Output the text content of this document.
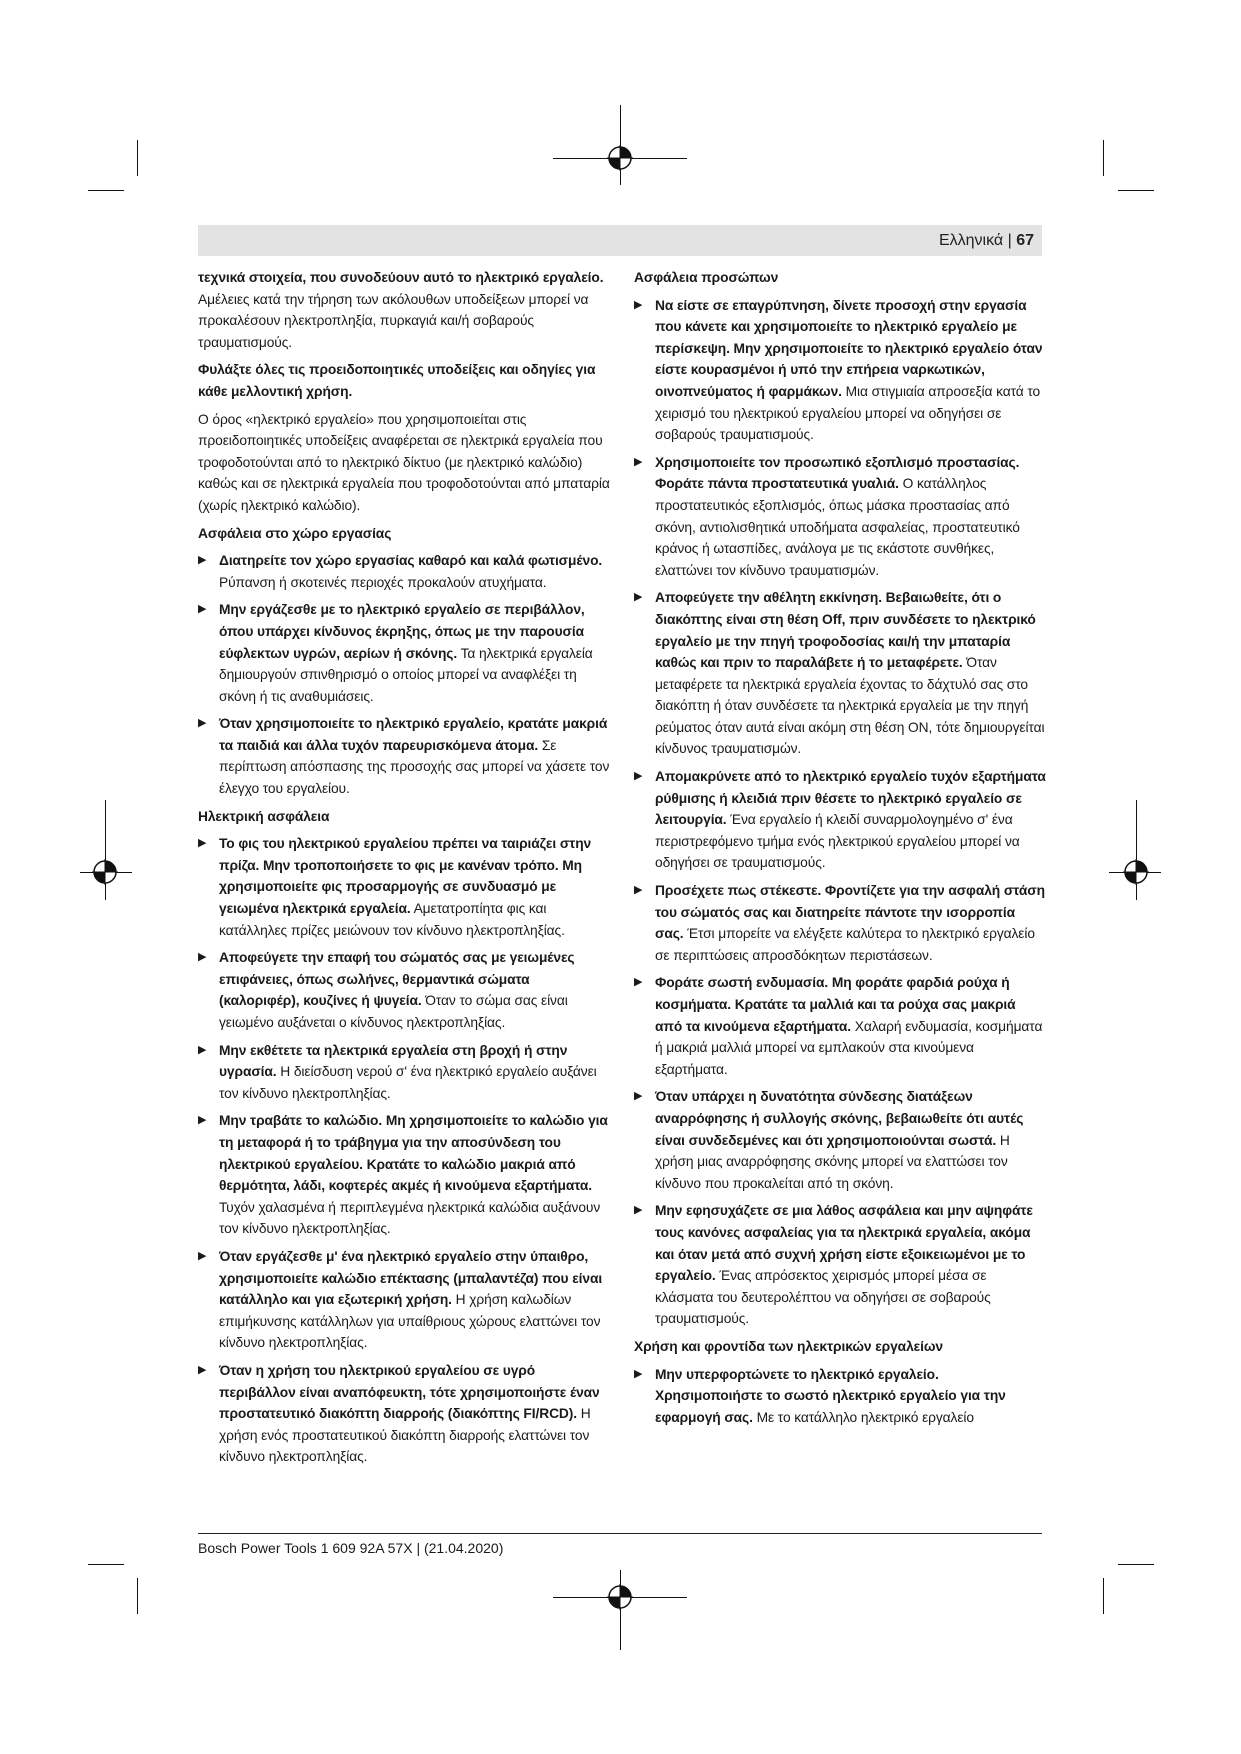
Ελληνικά | 67

τεχνικά στοιχεία, που συνοδεύουν αυτό το ηλεκτρικό εργαλείο. Αμέλειες κατά την τήρηση των ακόλουθων υποδείξεων μπορεί να προκαλέσουν ηλεκτροπληξία, πυρκαγιά και/ή σοβαρούς τραυματισμούς.

Φυλάξτε όλες τις προειδοποιητικές υποδείξεις και οδηγίες για κάθε μελλοντική χρήση.

Ο όρος «ηλεκτρικό εργαλείο» που χρησιμοποιείται στις προειδοποιητικές υποδείξεις αναφέρεται σε ηλεκτρικά εργαλεία που τροφοδοτούνται από το ηλεκτρικό δίκτυο (με ηλεκτρικό καλώδιο) καθώς και σε ηλεκτρικά εργαλεία που τροφοδοτούνται από μπαταρία (χωρίς ηλεκτρικό καλώδιο).

Ασφάλεια στο χώρο εργασίας

▶ Διατηρείτε τον χώρο εργασίας καθαρό και καλά φωτισμένο. Ρύπανση ή σκοτεινές περιοχές προκαλούν ατυχήματα.
▶ Μην εργάζεσθε με το ηλεκτρικό εργαλείο σε περιβάλλον, όπου υπάρχει κίνδυνος έκρηξης, όπως με την παρουσία εύφλεκτων υγρών, αερίων ή σκόνης. Τα ηλεκτρικά εργαλεία δημιουργούν σπινθηρισμό ο οποίος μπορεί να αναφλέξει τη σκόνη ή τις αναθυμιάσεις.
▶ Όταν χρησιμοποιείτε το ηλεκτρικό εργαλείο, κρατάτε μακριά τα παιδιά και άλλα τυχόν παρευρισκόμενα άτομα. Σε περίπτωση απόσπασης της προσοχής σας μπορεί να χάσετε τον έλεγχο του εργαλείου.

Ηλεκτρική ασφάλεια

▶ Το φις του ηλεκτρικού εργαλείου πρέπει να ταιριάζει στην πρίζα. Μην τροποποιήσετε το φις με κανέναν τρόπο. Μη χρησιμοποιείτε φις προσαρμογής σε συνδυασμό με γειωμένα ηλεκτρικά εργαλεία. Αμετατροπίητα φις και κατάλληλες πρίζες μειώνουν τον κίνδυνο ηλεκτροπληξίας.
▶ Αποφεύγετε την επαφή του σώματός σας με γειωμένες επιφάνειες, όπως σωλήνες, θερμαντικά σώματα (καλοριφέρ), κουζίνες ή ψυγεία. Όταν το σώμα σας είναι γειωμένο αυξάνεται ο κίνδυνος ηλεκτροπληξίας.
▶ Μην εκθέτετε τα ηλεκτρικά εργαλεία στη βροχή ή στην υγρασία. Η διείσδυση νερού σ' ένα ηλεκτρικό εργαλείο αυξάνει τον κίνδυνο ηλεκτροπληξίας.
▶ Μην τραβάτε το καλώδιο. Μη χρησιμοποιείτε το καλώδιο για τη μεταφορά ή το τράβηγμα για την αποσύνδεση του ηλεκτρικού εργαλείου. Κρατάτε το καλώδιο μακριά από θερμότητα, λάδι, κοφτερές ακμές ή κινούμενα εξαρτήματα. Τυχόν χαλασμένα ή περιπλεγμένα ηλεκτρικά καλώδια αυξάνουν τον κίνδυνο ηλεκτροπληξίας.
▶ Όταν εργάζεσθε μ' ένα ηλεκτρικό εργαλείο στην ύπαιθρο, χρησιμοποιείτε καλώδιο επέκτασης (μπαλαντέζα) που είναι κατάλληλο και για εξωτερική χρήση. Η χρήση καλωδίων επιμήκυνσης κατάλληλων για υπαίθριους χώρους ελαττώνει τον κίνδυνο ηλεκτροπληξίας.
▶ Όταν η χρήση του ηλεκτρικού εργαλείου σε υγρό περιβάλλον είναι αναπόφευκτη, τότε χρησιμοποιήστε έναν προστατευτικό διακόπτη διαρροής (διακόπτης FI/RCD). Η χρήση ενός προστατευτικού διακόπτη διαρροής ελαττώνει τον κίνδυνο ηλεκτροπληξίας.

Ασφάλεια προσώπων

▶ Να είστε σε επαγρύπνηση, δίνετε προσοχή στην εργασία που κάνετε και χρησιμοποιείτε το ηλεκτρικό εργαλείο με περίσκεψη. Μην χρησιμοποιείτε το ηλεκτρικό εργαλείο όταν είστε κουρασμένοι ή υπό την επήρεια ναρκωτικών, οινοπνεύματος ή φαρμάκων. Μια στιγμιαία απροσεξία κατά το χειρισμό του ηλεκτρικού εργαλείου μπορεί να οδηγήσει σε σοβαρούς τραυματισμούς.
▶ Χρησιμοποιείτε τον προσωπικό εξοπλισμό προστασίας. Φοράτε πάντα προστατευτικά γυαλιά. Ο κατάλληλος προστατευτικός εξοπλισμός, όπως μάσκα προστασίας από σκόνη, αντιολισθητικά υποδήματα ασφαλείας, προστατευτικό κράνος ή ωτασπίδες, ανάλογα με τις εκάστοτε συνθήκες, ελαττώνει τον κίνδυνο τραυματισμών.
▶ Αποφεύγετε την αθέλητη εκκίνηση. Βεβαιωθείτε, ότι ο διακόπτης είναι στη θέση Off, πριν συνδέσετε το ηλεκτρικό εργαλείο με την πηγή τροφοδοσίας και/ή την μπαταρία καθώς και πριν το παραλάβετε ή το μεταφέρετε. Όταν μεταφέρετε τα ηλεκτρικά εργαλεία έχοντας το δάχτυλό σας στο διακόπτη ή όταν συνδέσετε τα ηλεκτρικά εργαλεία με την πηγή ρεύματος όταν αυτά είναι ακόμη στη θέση ON, τότε δημιουργείται κίνδυνος τραυματισμών.
▶ Απομακρύνετε από το ηλεκτρικό εργαλείο τυχόν εξαρτήματα ρύθμισης ή κλειδιά πριν θέσετε το ηλεκτρικό εργαλείο σε λειτουργία. Ένα εργαλείο ή κλειδί συναρμολογημένο σ' ένα περιστρεφόμενο τμήμα ενός ηλεκτρικού εργαλείου μπορεί να οδηγήσει σε τραυματισμούς.
▶ Προσέχετε πως στέκεστε. Φροντίζετε για την ασφαλή στάση του σώματός σας και διατηρείτε πάντοτε την ισορροπία σας. Έτσι μπορείτε να ελέγξετε καλύτερα το ηλεκτρικό εργαλείο σε περιπτώσεις απροσδόκητων περιστάσεων.
▶ Φοράτε σωστή ενδυμασία. Μη φοράτε φαρδιά ρούχα ή κοσμήματα. Κρατάτε τα μαλλιά και τα ρούχα σας μακριά από τα κινούμενα εξαρτήματα. Χαλαρή ενδυμασία, κοσμήματα ή μακριά μαλλιά μπορεί να εμπλακούν στα κινούμενα εξαρτήματα.
▶ Όταν υπάρχει η δυνατότητα σύνδεσης διατάξεων αναρρόφησης ή συλλογής σκόνης, βεβαιωθείτε ότι αυτές είναι συνδεδεμένες και ότι χρησιμοποιούνται σωστά. Η χρήση μιας αναρρόφησης σκόνης μπορεί να ελαττώσει τον κίνδυνο που προκαλείται από τη σκόνη.
▶ Μην εφησυχάζετε σε μια λάθος ασφάλεια και μην αψηφάτε τους κανόνες ασφαλείας για τα ηλεκτρικά εργαλεία, ακόμα και όταν μετά από συχνή χρήση είστε εξοικειωμένοι με το εργαλείο. Ένας απρόσεκτος χειρισμός μπορεί μέσα σε κλάσματα του δευτερολέπτου να οδηγήσει σε σοβαρούς τραυματισμούς.

Χρήση και φροντίδα των ηλεκτρικών εργαλείων

▶ Μην υπερφορτώνετε το ηλεκτρικό εργαλείο. Χρησιμοποιήστε το σωστό ηλεκτρικό εργαλείο για την εφαρμογή σας. Με το κατάλληλο ηλεκτρικό εργαλείο
Bosch Power Tools 1 609 92A 57X | (21.04.2020)
